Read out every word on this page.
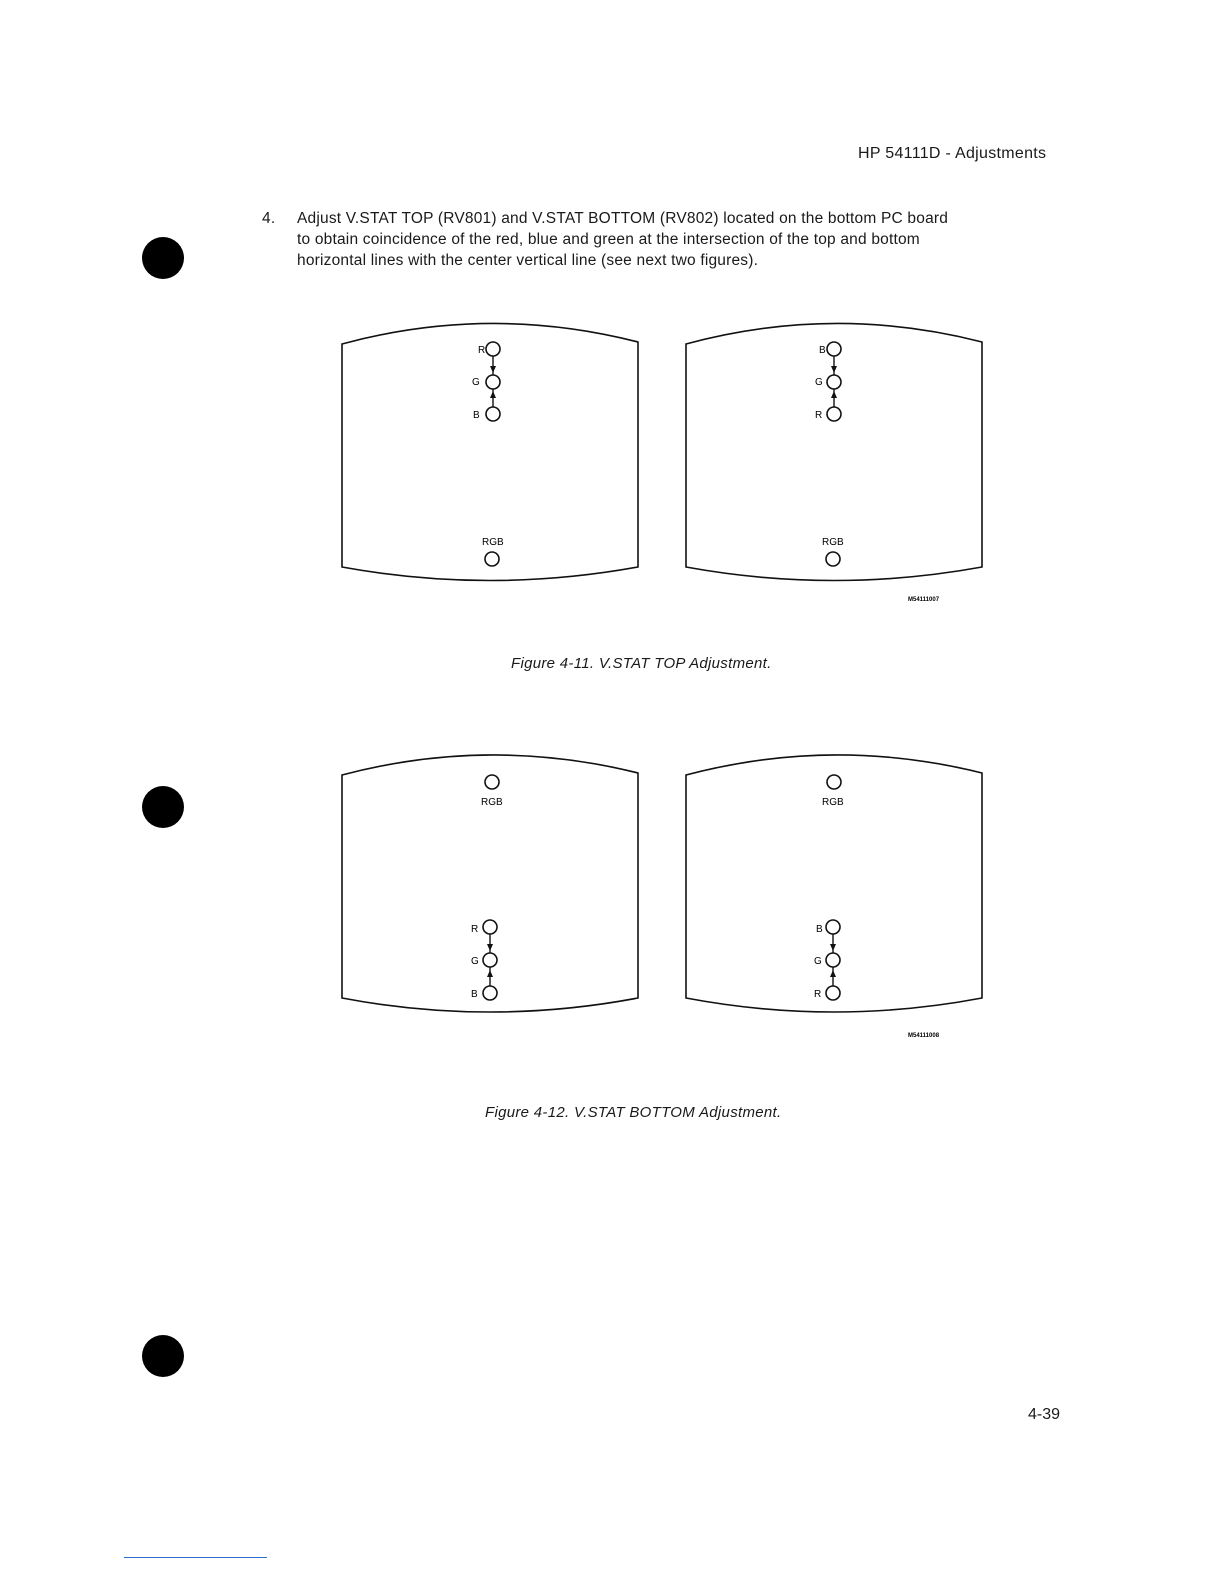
HP 54111D - Adjustments
4. Adjust V.STAT TOP (RV801) and V.STAT BOTTOM (RV802) located on the bottom PC board
to obtain coincidence of the red, blue and green at the intersection of the top and bottom
horizontal lines with the center vertical line (see next two figures).
R
G
B
RGB
B
G
R
RGB
M54111007
Figure 4-11. V.STAT TOP Adjustment.
RGB
R
G
B
RGB
B
G
R
M54111008
Figure 4-12. V.STAT BOTTOM Adjustment.
4-39
